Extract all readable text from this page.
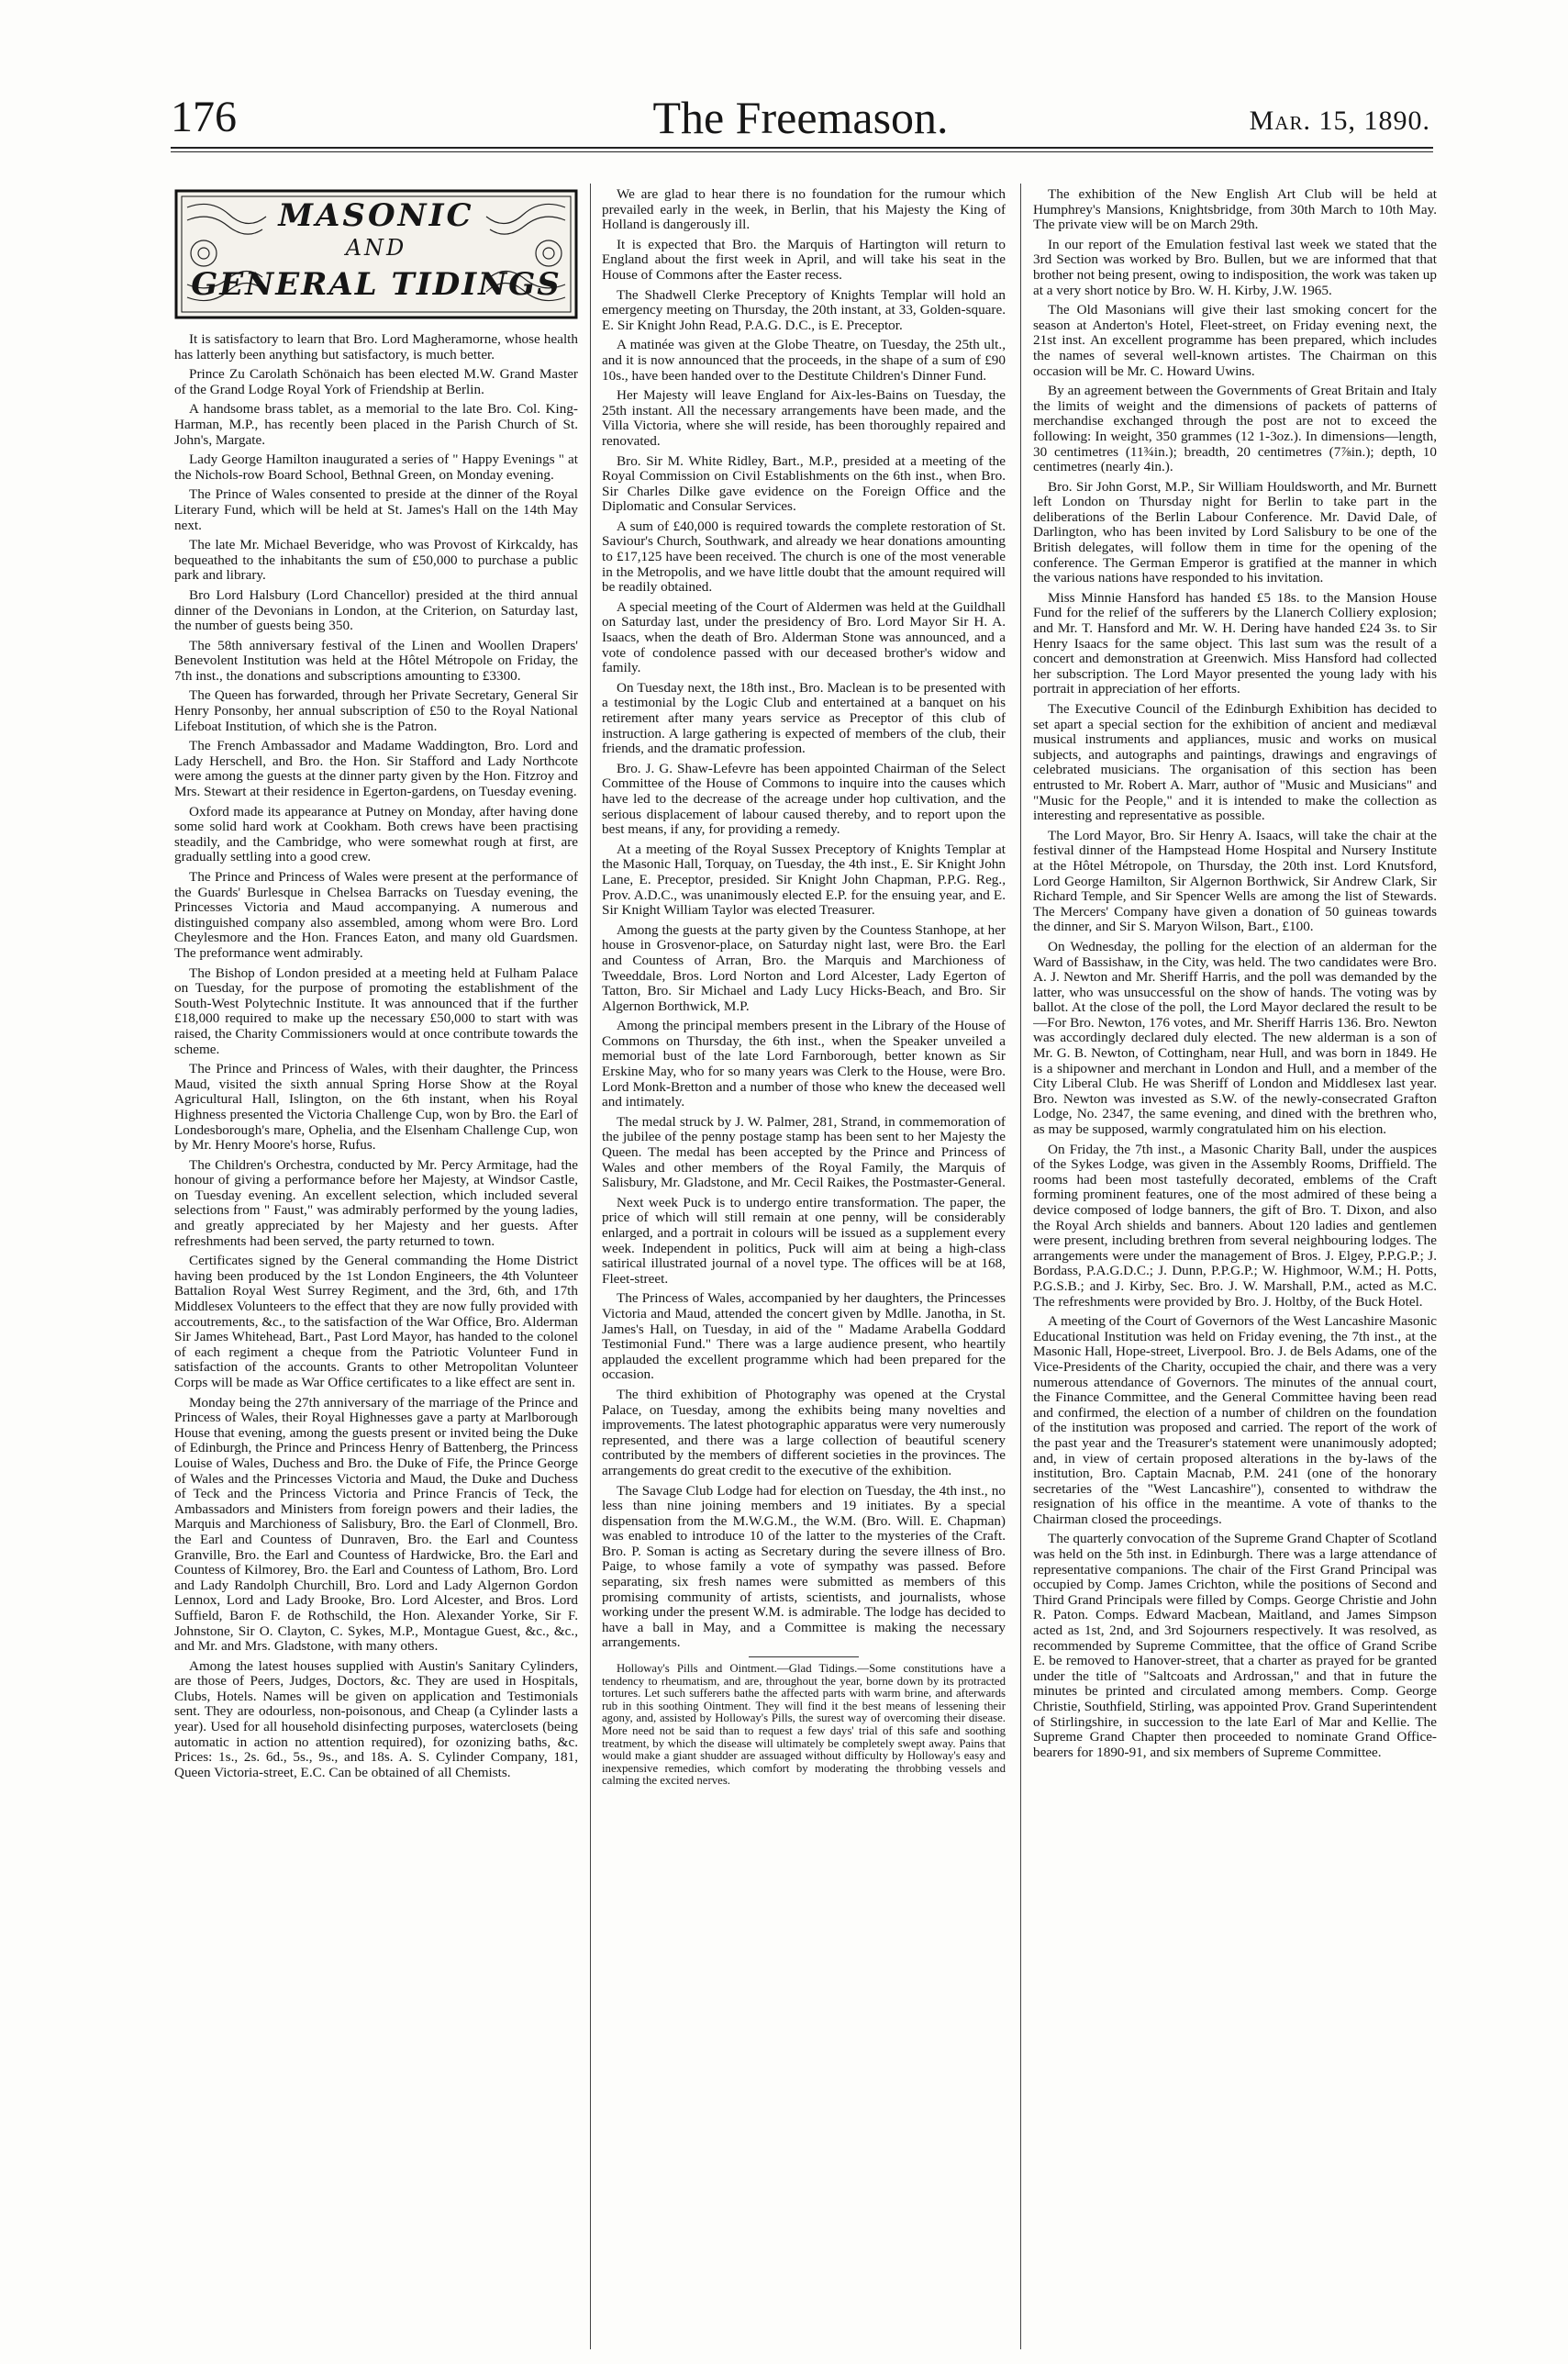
176	The Freemason.	Mar. 15, 1890.
MASONIC
AND
GENERAL TIDINGS

It is satisfactory to learn that Bro. Lord Magheramorne, whose health has latterly been anything but satisfactory, is much better.

Prince Zu Carolath Schönaich has been elected M.W. Grand Master of the Grand Lodge Royal York of Friendship at Berlin.

A handsome brass tablet, as a memorial to the late Bro. Col. King-Harman, M.P., has recently been placed in the Parish Church of St. John's, Margate.

Lady George Hamilton inaugurated a series of " Happy Evenings " at the Nichols-row Board School, Bethnal Green, on Monday evening.

The Prince of Wales consented to preside at the dinner of the Royal Literary Fund, which will be held at St. James's Hall on the 14th May next.

The late Mr. Michael Beveridge, who was Provost of Kirkcaldy, has bequeathed to the inhabitants the sum of £50,000 to purchase a public park and library.

Bro Lord Halsbury (Lord Chancellor) presided at the third annual dinner of the Devonians in London, at the Criterion, on Saturday last, the number of guests being 350.

The 58th anniversary festival of the Linen and Woollen Drapers' Benevolent Institution was held at the Hôtel Métropole on Friday, the 7th inst., the donations and subscriptions amounting to £3300.

The Queen has forwarded, through her Private Secretary, General Sir Henry Ponsonby, her annual subscription of £50 to the Royal National Lifeboat Institution, of which she is the Patron.

The French Ambassador and Madame Waddington, Bro. Lord and Lady Herschell, and Bro. the Hon. Sir Stafford and Lady Northcote were among the guests at the dinner party given by the Hon. Fitzroy and Mrs. Stewart at their residence in Egerton-gardens, on Tuesday evening.

Oxford made its appearance at Putney on Monday, after having done some solid hard work at Cookham. Both crews have been practising steadily, and the Cambridge, who were somewhat rough at first, are gradually settling into a good crew.

The Prince and Princess of Wales were present at the performance of the Guards' Burlesque in Chelsea Barracks on Tuesday evening, the Princesses Victoria and Maud accompanying. A numerous and distinguished company also assembled, among whom were Bro. Lord Cheylesmore and the Hon. Frances Eaton, and many old Guardsmen. The preformance went admirably.

The Bishop of London presided at a meeting held at Fulham Palace on Tuesday, for the purpose of promoting the establishment of the South-West Polytechnic Institute. It was announced that if the further £18,000 required to make up the necessary £50,000 to start with was raised, the Charity Commissioners would at once contribute towards the scheme.

The Prince and Princess of Wales, with their daughter, the Princess Maud, visited the sixth annual Spring Horse Show at the Royal Agricultural Hall, Islington, on the 6th instant, when his Royal Highness presented the Victoria Challenge Cup, won by Bro. the Earl of Londesborough's mare, Ophelia, and the Elsenham Challenge Cup, won by Mr. Henry Moore's horse, Rufus.

The Children's Orchestra, conducted by Mr. Percy Armitage, had the honour of giving a performance before her Majesty, at Windsor Castle, on Tuesday evening. An excellent selection, which included several selections from " Faust," was admirably performed by the young ladies, and greatly appreciated by her Majesty and her guests. After refreshments had been served, the party returned to town.

Certificates signed by the General commanding the Home District having been produced by the 1st London Engineers, the 4th Volunteer Battalion Royal West Surrey Regiment, and the 3rd, 6th, and 17th Middlesex Volunteers to the effect that they are now fully provided with accoutrements, &c., to the satisfaction of the War Office, Bro. Alderman Sir James Whitehead, Bart., Past Lord Mayor, has handed to the colonel of each regiment a cheque from the Patriotic Volunteer Fund in satisfaction of the accounts. Grants to other Metropolitan Volunteer Corps will be made as War Office certificates to a like effect are sent in.

Monday being the 27th anniversary of the marriage of the Prince and Princess of Wales, their Royal Highnesses gave a party at Marlborough House that evening, among the guests present or invited being the Duke of Edinburgh, the Prince and Princess Henry of Battenberg, the Princess Louise of Wales, Duchess and Bro. the Duke of Fife, the Prince George of Wales and the Princesses Victoria and Maud, the Duke and Duchess of Teck and the Princess Victoria and Prince Francis of Teck, the Ambassadors and Ministers from foreign powers and their ladies, the Marquis and Marchioness of Salisbury, Bro. the Earl of Clonmell, Bro. the Earl and Countess of Dunraven, Bro. the Earl and Countess Granville, Bro. the Earl and Countess of Hardwicke, Bro. the Earl and Countess of Kilmorey, Bro. the Earl and Countess of Lathom, Bro. Lord and Lady Randolph Churchill, Bro. Lord and Lady Algernon Gordon Lennox, Lord and Lady Brooke, Bro. Lord Alcester, and Bros. Lord Suffield, Baron F. de Rothschild, the Hon. Alexander Yorke, Sir F. Johnstone, Sir O. Clayton, C. Sykes, M.P., Montague Guest, &c., &c., and Mr. and Mrs. Gladstone, with many others.

Among the latest houses supplied with Austin's Sanitary Cylinders, are those of Peers, Judges, Doctors, &c. They are used in Hospitals, Clubs, Hotels. Names will be given on application and Testimonials sent. They are odourless, non-poisonous, and Cheap (a Cylinder lasts a year). Used for all household disinfecting purposes, waterclosets (being automatic in action no attention required), for ozonizing baths, &c. Prices: 1s., 2s. 6d., 5s., 9s., and 18s. A. S. Cylinder Company, 181, Queen Victoria-street, E.C. Can be obtained of all Chemists.

We are glad to hear there is no foundation for the rumour which prevailed early in the week, in Berlin, that his Majesty the King of Holland is dangerously ill.

It is expected that Bro. the Marquis of Hartington will return to England about the first week in April, and will take his seat in the House of Commons after the Easter recess.

The Shadwell Clerke Preceptory of Knights Templar will hold an emergency meeting on Thursday, the 20th instant, at 33, Golden-square. E. Sir Knight John Read, P.A.G. D.C., is E. Preceptor.

A matinée was given at the Globe Theatre, on Tuesday, the 25th ult., and it is now announced that the proceeds, in the shape of a sum of £90 10s., have been handed over to the Destitute Children's Dinner Fund.

Her Majesty will leave England for Aix-les-Bains on Tuesday, the 25th instant. All the necessary arrangements have been made, and the Villa Victoria, where she will reside, has been thoroughly repaired and renovated.

Bro. Sir M. White Ridley, Bart., M.P., presided at a meeting of the Royal Commission on Civil Establishments on the 6th inst., when Bro. Sir Charles Dilke gave evidence on the Foreign Office and the Diplomatic and Consular Services.

A sum of £40,000 is required towards the complete restoration of St. Saviour's Church, Southwark, and already we hear donations amounting to £17,125 have been received. The church is one of the most venerable in the Metropolis, and we have little doubt that the amount required will be readily obtained.

A special meeting of the Court of Aldermen was held at the Guildhall on Saturday last, under the presidency of Bro. Lord Mayor Sir H. A. Isaacs, when the death of Bro. Alderman Stone was announced, and a vote of condolence passed with our deceased brother's widow and family.

On Tuesday next, the 18th inst., Bro. Maclean is to be presented with a testimonial by the Logic Club and entertained at a banquet on his retirement after many years service as Preceptor of this club of instruction. A large gathering is expected of members of the club, their friends, and the dramatic profession.

Bro. J. G. Shaw-Lefevre has been appointed Chairman of the Select Committee of the House of Commons to inquire into the causes which have led to the decrease of the acreage under hop cultivation, and the serious displacement of labour caused thereby, and to report upon the best means, if any, for providing a remedy.

At a meeting of the Royal Sussex Preceptory of Knights Templar at the Masonic Hall, Torquay, on Tuesday, the 4th inst., E. Sir Knight John Lane, E. Preceptor, presided. Sir Knight John Chapman, P.P.G. Reg., Prov. A.D.C., was unanimously elected E.P. for the ensuing year, and E. Sir Knight William Taylor was elected Treasurer.

Among the guests at the party given by the Countess Stanhope, at her house in Grosvenor-place, on Saturday night last, were Bro. the Earl and Countess of Arran, Bro. the Marquis and Marchioness of Tweeddale, Bros. Lord Norton and Lord Alcester, Lady Egerton of Tatton, Bro. Sir Michael and Lady Lucy Hicks-Beach, and Bro. Sir Algernon Borthwick, M.P.

Among the principal members present in the Library of the House of Commons on Thursday, the 6th inst., when the Speaker unveiled a memorial bust of the late Lord Farnborough, better known as Sir Erskine May, who for so many years was Clerk to the House, were Bro. Lord Monk-Bretton and a number of those who knew the deceased well and intimately.

The medal struck by J. W. Palmer, 281, Strand, in commemoration of the jubilee of the penny postage stamp has been sent to her Majesty the Queen. The medal has been accepted by the Prince and Princess of Wales and other members of the Royal Family, the Marquis of Salisbury, Mr. Gladstone, and Mr. Cecil Raikes, the Postmaster-General.

Next week Puck is to undergo entire transformation. The paper, the price of which will still remain at one penny, will be considerably enlarged, and a portrait in colours will be issued as a supplement every week. Independent in politics, Puck will aim at being a high-class satirical illustrated journal of a novel type. The offices will be at 168, Fleet-street.

The Princess of Wales, accompanied by her daughters, the Princesses Victoria and Maud, attended the concert given by Mdlle. Janotha, in St. James's Hall, on Tuesday, in aid of the " Madame Arabella Goddard Testimonial Fund." There was a large audience present, who heartily applauded the excellent programme which had been prepared for the occasion.

The third exhibition of Photography was opened at the Crystal Palace, on Tuesday, among the exhibits being many novelties and improvements. The latest photographic apparatus were very numerously represented, and there was a large collection of beautiful scenery contributed by the members of different societies in the provinces. The arrangements do great credit to the executive of the exhibition.

The Savage Club Lodge had for election on Tuesday, the 4th inst., no less than nine joining members and 19 initiates. By a special dispensation from the M.W.G.M., the W.M. (Bro. Will. E. Chapman) was enabled to introduce 10 of the latter to the mysteries of the Craft. Bro. P. Soman is acting as Secretary during the severe illness of Bro. Paige, to whose family a vote of sympathy was passed. Before separating, six fresh names were submitted as members of this promising community of artists, scientists, and journalists, whose working under the present W.M. is admirable. The lodge has decided to have a ball in May, and a Committee is making the necessary arrangements.

Holloway's Pills and Ointment.—Glad Tidings.—Some constitutions have a tendency to rheumatism, and are, throughout the year, borne down by its protracted tortures. Let such sufferers bathe the affected parts with warm brine, and afterwards rub in this soothing Ointment. They will find it the best means of lessening their agony, and, assisted by Holloway's Pills, the surest way of overcoming their disease. More need not be said than to request a few days' trial of this safe and soothing treatment, by which the disease will ultimately be completely swept away. Pains that would make a giant shudder are assuaged without difficulty by Holloway's easy and inexpensive remedies, which comfort by moderating the throbbing vessels and calming the excited nerves.

The exhibition of the New English Art Club will be held at Humphrey's Mansions, Knightsbridge, from 30th March to 10th May. The private view will be on March 29th.

In our report of the Emulation festival last week we stated that the 3rd Section was worked by Bro. Bullen, but we are informed that that brother not being present, owing to indisposition, the work was taken up at a very short notice by Bro. W. H. Kirby, J.W. 1965.

The Old Masonians will give their last smoking concert for the season at Anderton's Hotel, Fleet-street, on Friday evening next, the 21st inst. An excellent programme has been prepared, which includes the names of several well-known artistes. The Chairman on this occasion will be Mr. C. Howard Uwins.

By an agreement between the Governments of Great Britain and Italy the limits of weight and the dimensions of packets of patterns of merchandise exchanged through the post are not to exceed the following: In weight, 350 grammes (12 1-3oz.). In dimensions—length, 30 centimetres (11¾in.); breadth, 20 centimetres (7⅞in.); depth, 10 centimetres (nearly 4in.).

Bro. Sir John Gorst, M.P., Sir William Houldsworth, and Mr. Burnett left London on Thursday night for Berlin to take part in the deliberations of the Berlin Labour Conference. Mr. David Dale, of Darlington, who has been invited by Lord Salisbury to be one of the British delegates, will follow them in time for the opening of the conference. The German Emperor is gratified at the manner in which the various nations have responded to his invitation.

Miss Minnie Hansford has handed £5 18s. to the Mansion House Fund for the relief of the sufferers by the Llanerch Colliery explosion; and Mr. T. Hansford and Mr. W. H. Dering have handed £24 3s. to Sir Henry Isaacs for the same object. This last sum was the result of a concert and demonstration at Greenwich. Miss Hansford had collected her subscription. The Lord Mayor presented the young lady with his portrait in appreciation of her efforts.

The Executive Council of the Edinburgh Exhibition has decided to set apart a special section for the exhibition of ancient and mediæval musical instruments and appliances, music and works on musical subjects, and autographs and paintings, drawings and engravings of celebrated musicians. The organisation of this section has been entrusted to Mr. Robert A. Marr, author of "Music and Musicians" and "Music for the People," and it is intended to make the collection as interesting and representative as possible.

The Lord Mayor, Bro. Sir Henry A. Isaacs, will take the chair at the festival dinner of the Hampstead Home Hospital and Nursery Institute at the Hôtel Métropole, on Thursday, the 20th inst. Lord Knutsford, Lord George Hamilton, Sir Algernon Borthwick, Sir Andrew Clark, Sir Richard Temple, and Sir Spencer Wells are among the list of Stewards. The Mercers' Company have given a donation of 50 guineas towards the dinner, and Sir S. Maryon Wilson, Bart., £100.

On Wednesday, the polling for the election of an alderman for the Ward of Bassishaw, in the City, was held. The two candidates were Bro. A. J. Newton and Mr. Sheriff Harris, and the poll was demanded by the latter, who was unsuccessful on the show of hands. The voting was by ballot. At the close of the poll, the Lord Mayor declared the result to be—For Bro. Newton, 176 votes, and Mr. Sheriff Harris 136. Bro. Newton was accordingly declared duly elected. The new alderman is a son of Mr. G. B. Newton, of Cottingham, near Hull, and was born in 1849. He is a shipowner and merchant in London and Hull, and a member of the City Liberal Club. He was Sheriff of London and Middlesex last year. Bro. Newton was invested as S.W. of the newly-consecrated Grafton Lodge, No. 2347, the same evening, and dined with the brethren who, as may be supposed, warmly congratulated him on his election.

On Friday, the 7th inst., a Masonic Charity Ball, under the auspices of the Sykes Lodge, was given in the Assembly Rooms, Driffield. The rooms had been most tastefully decorated, emblems of the Craft forming prominent features, one of the most admired of these being a device composed of lodge banners, the gift of Bro. T. Dixon, and also the Royal Arch shields and banners. About 120 ladies and gentlemen were present, including brethren from several neighbouring lodges. The arrangements were under the management of Bros. J. Elgey, P.P.G.P.; J. Bordass, P.A.G.D.C.; J. Dunn, P.P.G.P.; W. Highmoor, W.M.; H. Potts, P.G.S.B.; and J. Kirby, Sec. Bro. J. W. Marshall, P.M., acted as M.C. The refreshments were provided by Bro. J. Holtby, of the Buck Hotel.

A meeting of the Court of Governors of the West Lancashire Masonic Educational Institution was held on Friday evening, the 7th inst., at the Masonic Hall, Hope-street, Liverpool. Bro. J. de Bels Adams, one of the Vice-Presidents of the Charity, occupied the chair, and there was a very numerous attendance of Governors. The minutes of the annual court, the Finance Committee, and the General Committee having been read and confirmed, the election of a number of children on the foundation of the institution was proposed and carried. The report of the work of the past year and the Treasurer's statement were unanimously adopted; and, in view of certain proposed alterations in the by-laws of the institution, Bro. Captain Macnab, P.M. 241 (one of the honorary secretaries of the "West Lancashire"), consented to withdraw the resignation of his office in the meantime. A vote of thanks to the Chairman closed the proceedings.

The quarterly convocation of the Supreme Grand Chapter of Scotland was held on the 5th inst. in Edinburgh. There was a large attendance of representative companions. The chair of the First Grand Principal was occupied by Comp. James Crichton, while the positions of Second and Third Grand Principals were filled by Comps. George Christie and John R. Paton. Comps. Edward Macbean, Maitland, and James Simpson acted as 1st, 2nd, and 3rd Sojourners respectively. It was resolved, as recommended by Supreme Committee, that the office of Grand Scribe E. be removed to Hanover-street, that a charter as prayed for be granted under the title of "Saltcoats and Ardrossan," and that in future the minutes be printed and circulated among members. Comp. George Christie, Southfield, Stirling, was appointed Prov. Grand Superintendent of Stirlingshire, in succession to the late Earl of Mar and Kellie. The Supreme Grand Chapter then proceeded to nominate Grand Office-bearers for 1890-91, and six members of Supreme Committee.
